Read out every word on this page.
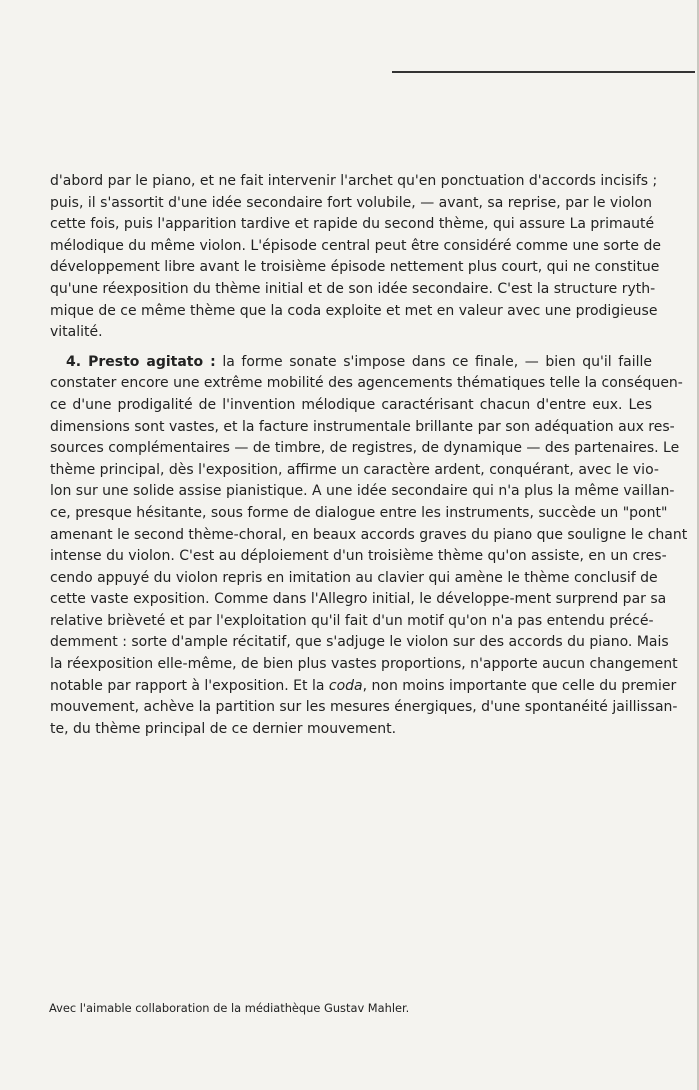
d'abord par le piano, et ne fait intervenir l'archet qu'en ponctuation d'accords incisifs ;
puis, il s'assortit d'une idée secondaire fort volubile, — avant, sa reprise, par le violon
cette fois, puis l'apparition tardive et rapide du second thème, qui assure La primauté
mélodique du même violon. L'épisode central peut être considéré comme une sorte de
développement libre avant le troisième épisode nettement plus court, qui ne constitue
qu'une réexposition du thème initial et de son idée secondaire. C'est la structure ryth-
mique de ce même thème que la coda exploite et met en valeur avec une prodigieuse
vitalité.
4. Presto agitato : la forme sonate s'impose dans ce finale, — bien qu'il faille
constater encore une extrême mobilité des agencements thématiques telle la conséquen-
ce d'une prodigalité de l'invention mélodique caractérisant chacun d'entre eux. Les
dimensions sont vastes, et la facture instrumentale brillante par son adéquation aux res-
sources complémentaires — de timbre, de registres, de dynamique — des partenaires. Le
thème principal, dès l'exposition, affirme un caractère ardent, conquérant, avec le vio-
lon sur une solide assise pianistique. A une idée secondaire qui n'a plus la même vaillan-
ce, presque hésitante, sous forme de dialogue entre les instruments, succède un "pont"
amenant le second thème-choral, en beaux accords graves du piano que souligne le chant
intense du violon. C'est au déploiement d'un troisième thème qu'on assiste, en un cres-
cendo appuyé du violon repris en imitation au clavier qui amène le thème conclusif de
cette vaste exposition. Comme dans l'Allegro initial, le développe-ment surprend par sa
relative brièveté et par l'exploitation qu'il fait d'un motif qu'on n'a pas entendu précé-
demment : sorte d'ample récitatif, que s'adjuge le violon sur des accords du piano. Mais
la réexposition elle-même, de bien plus vastes proportions, n'apporte aucun changement
notable par rapport à l'exposition. Et la coda, non moins importante que celle du premier
mouvement, achève la partition sur les mesures énergiques, d'une spontanéité jaillissan-
te, du thème principal de ce dernier mouvement.
Avec l'aimable collaboration de la médiathèque Gustav Mahler.
